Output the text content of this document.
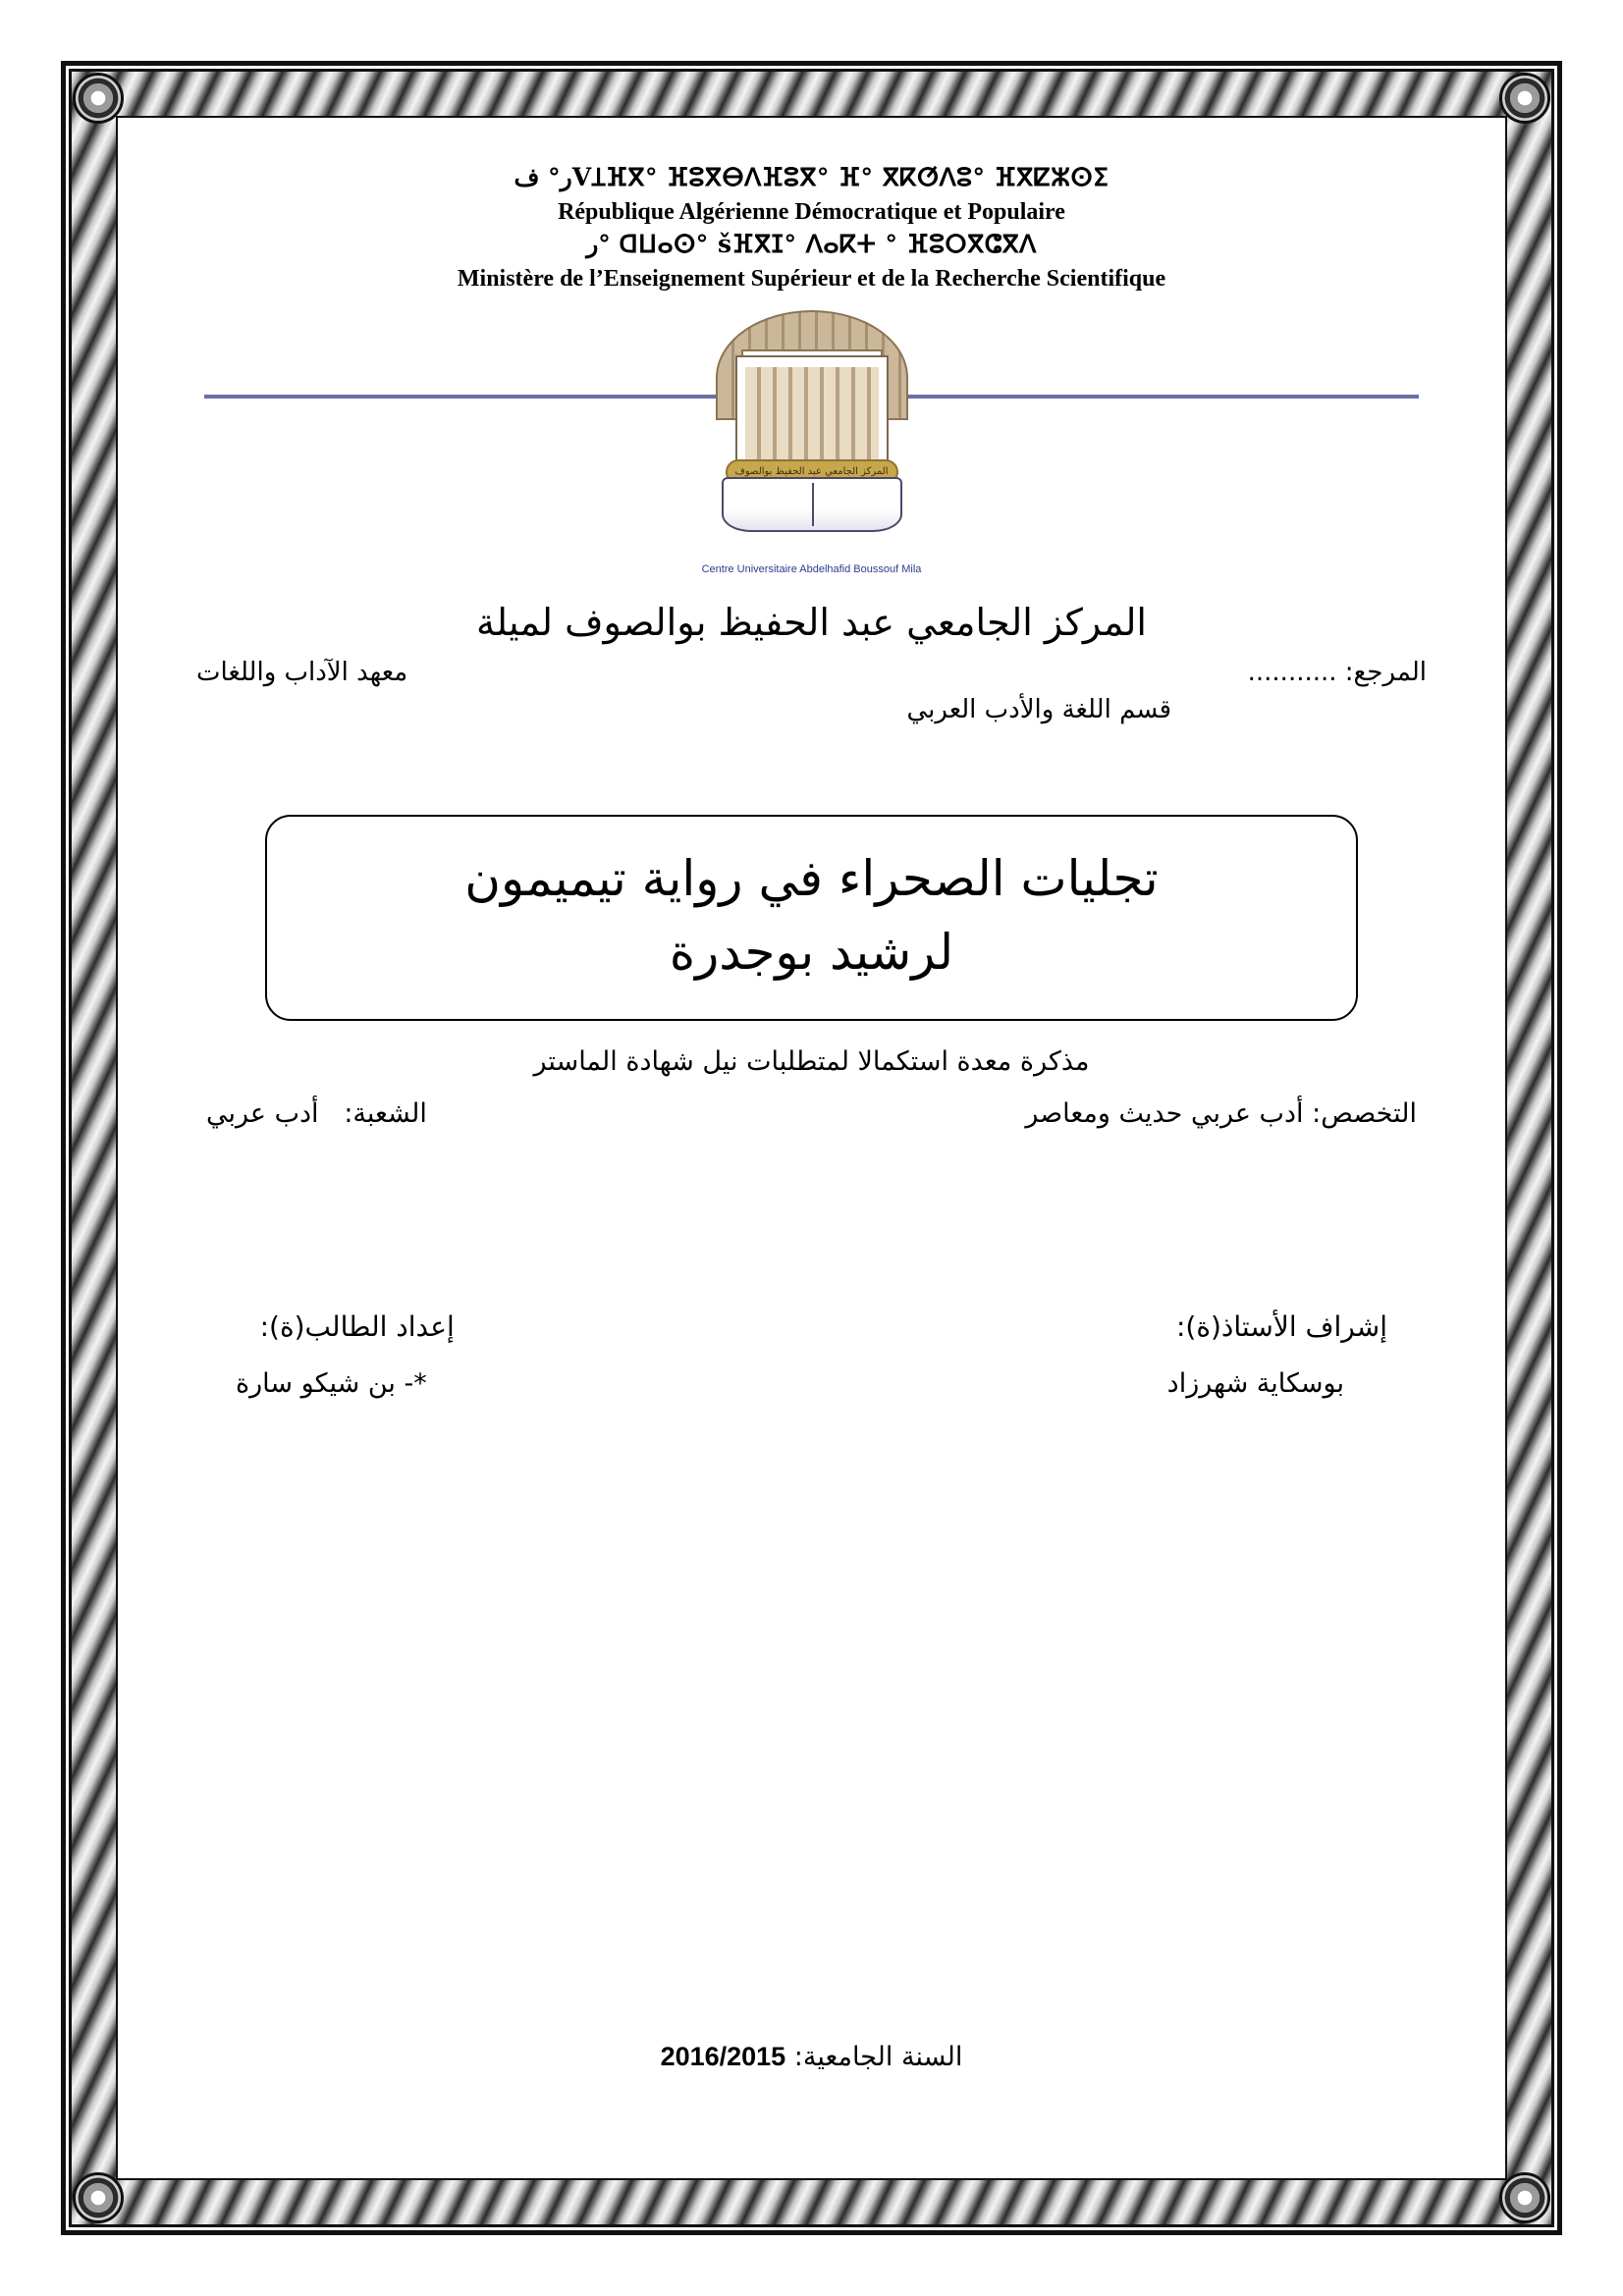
ر° فVꞱⴼⴳ° ⴼⵓⴳⴱⴷⴼⵓⴳ° ⴼ° ⴳⴽⵚⴷⵓ° ⴼⴳⵇⵣⵙⵉ
République Algérienne Démocratique et Populaire
ر° ꓷⵡⴰⵙ° šⴼⴳⵊ° ⴷⴰⴽⵜ ° ⴼⵓⵔⴳⵛⴳⴷ
Ministère de l’Enseignement Supérieur et de la Recherche Scientifique
المركز الجامعي عبد الحفيظ بوالصوف
Centre Universitaire Abdelhafid Boussouf Mila
المركز الجامعي عبد الحفيظ بوالصوف لميلة
المرجع: ...........
معهد الآداب واللغات
قسم اللغة والأدب العربي
تجليات الصحراء في رواية تيميمون
لرشيد بوجدرة
مذكرة معدة استكمالا لمتطلبات نيل شهادة الماستر
التخصص: أدب عربي حديث ومعاصر
الشعبة:   أدب عربي
إشراف الأستاذ(ة):
بوسكاية شهرزاد
إعداد الطالب(ة):
*- بن شيكو سارة
السنة الجامعية: 2016/2015
